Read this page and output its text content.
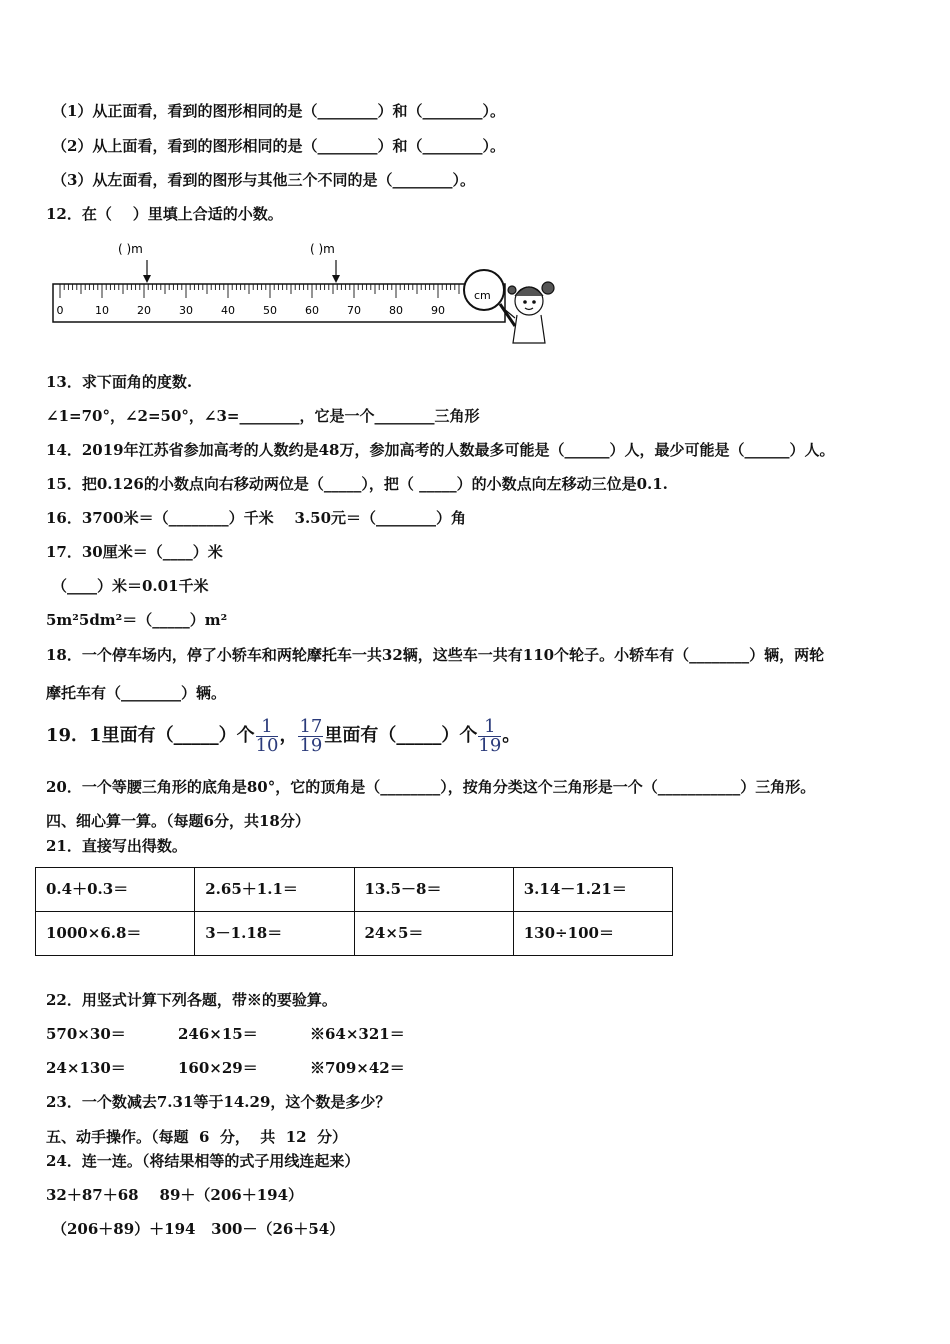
（1）从正面看，看到的图形相同的是（________）和（________）。
（2）从上面看，看到的图形相同的是（________）和（________）。
（3）从左面看，看到的图形与其他三个不同的是（________）。
12．在（    ）里填上合适的小数。
( )m	( )m
0	10	20	30	40	50	60	70	80	90
cm
13．求下面角的度数.
∠1=70°，∠2=50°，∠3=________，它是一个________三角形
14．2019年江苏省参加高考的人数约是48万，参加高考的人数最多可能是（______）人，最少可能是（______）人。
15．把0.126的小数点向右移动两位是（_____），把（ _____）的小数点向左移动三位是0.1.
16．3700米＝（________）千米    3.50元＝（________）角
17．30厘米＝（____）米
（____）米＝0.01千米
5m²5dm²＝（_____）m²
18．一个停车场内，停了小轿车和两轮摩托车一共32辆，这些车一共有110个轮子。小轿车有（________）辆，两轮
摩托车有（________）辆。
19．1里面有（_____）个 $\frac{1}{10}$ ， $\frac{17}{19}$ 里面有（_____）个 $\frac{1}{19}$ 。
20．一个等腰三角形的底角是80°，它的顶角是（________），按角分类这个三角形是一个（___________）三角形。
四、细心算一算。（每题6分，共18分）
21．直接写出得数。
0.4＋0.3＝	2.65＋1.1＝	13.5－8＝	3.14－1.21＝
1000×6.8＝	3－1.18＝	24×5＝	130÷100＝
22．用竖式计算下列各题，带※的要验算。
570×30＝          246×15＝          ※64×321＝
24×130＝          160×29＝          ※709×42＝
23．一个数减去7.31等于14.29，这个数是多少？
五、动手操作。（每题  6  分，  共  12  分）
24．连一连。（将结果相等的式子用线连起来）
32＋87＋68    89＋（206＋194）
（206＋89）＋194   300－（26＋54）
